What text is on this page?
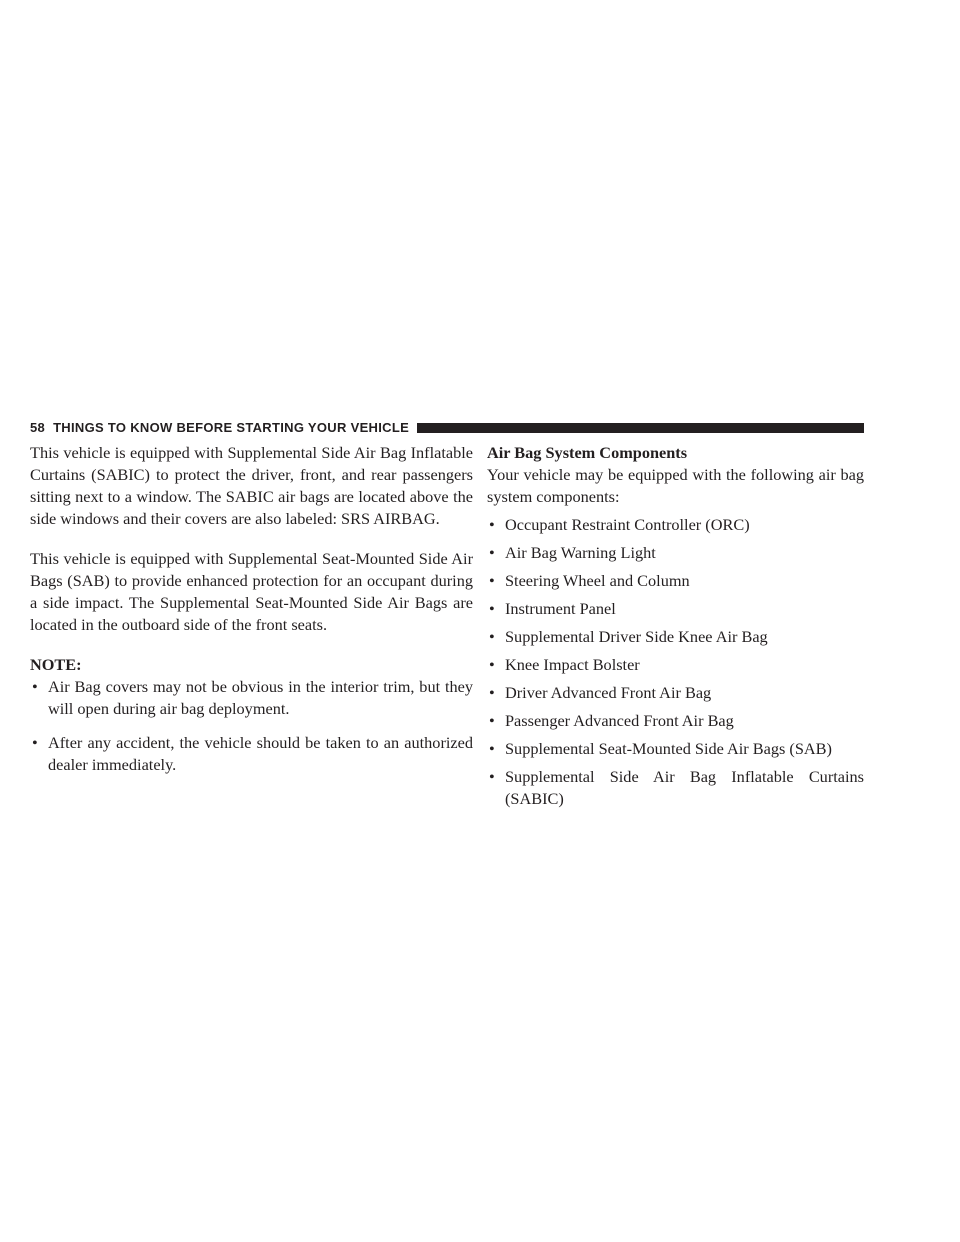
58 THINGS TO KNOW BEFORE STARTING YOUR VEHICLE

This vehicle is equipped with Supplemental Side Air Bag Inflatable Curtains (SABIC) to protect the driver, front, and rear passengers sitting next to a window. The SABIC air bags are located above the side windows and their covers are also labeled: SRS AIRBAG.

This vehicle is equipped with Supplemental Seat-Mounted Side Air Bags (SAB) to provide enhanced protection for an occupant during a side impact. The Supplemental Seat-Mounted Side Air Bags are located in the outboard side of the front seats.

NOTE:

• Air Bag covers may not be obvious in the interior trim, but they will open during air bag deployment.
• After any accident, the vehicle should be taken to an authorized dealer immediately.

Air Bag System Components

Your vehicle may be equipped with the following air bag system components:

• Occupant Restraint Controller (ORC)
• Air Bag Warning Light
• Steering Wheel and Column
• Instrument Panel
• Supplemental Driver Side Knee Air Bag
• Knee Impact Bolster
• Driver Advanced Front Air Bag
• Passenger Advanced Front Air Bag
• Supplemental Seat-Mounted Side Air Bags (SAB)
• Supplemental Side Air Bag Inflatable Curtains (SABIC)
